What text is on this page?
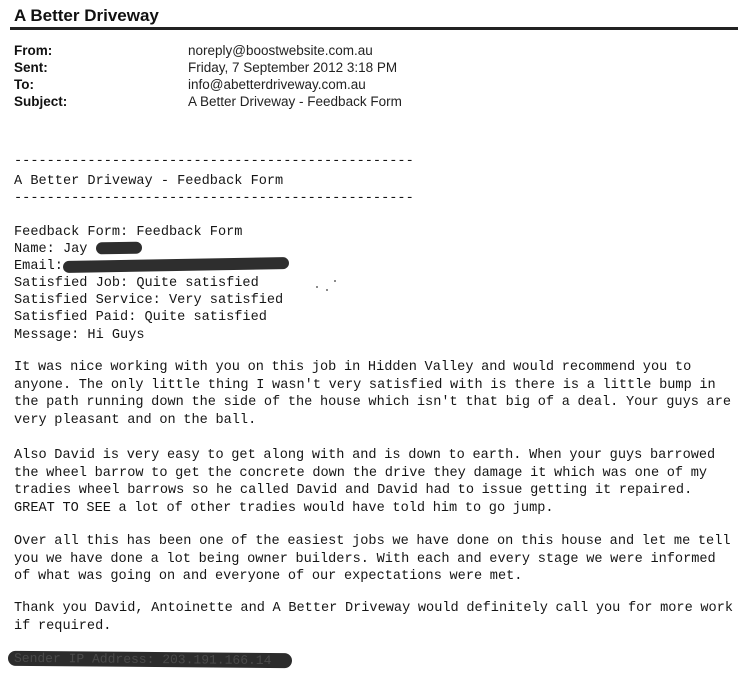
A Better Driveway
From:	noreply@boostwebsite.com.au
Sent:	Friday, 7 September 2012 3:18 PM
To:	info@abetterdriveway.com.au
Subject:	A Better Driveway - Feedback Form
-------------------------------------------------
A Better Driveway - Feedback Form
-------------------------------------------------
Feedback Form: Feedback Form
Name: Jay
Email:
Satisfied Job: Quite satisfied
Satisfied Service: Very satisfied
Satisfied Paid: Quite satisfied
Message: Hi Guys
It was nice working with you on this job in Hidden Valley and would recommend you to anyone. The only little thing I wasn't very satisfied with is there is a little bump in the path running down the side of the house which isn't that big of a deal. Your guys are very pleasant and on the ball.
Also David is very easy to get along with and is down to earth. When your guys barrowed the wheel barrow to get the concrete down the drive they damage it which was one of my tradies wheel barrows so he called David and David had to issue getting it repaired. GREAT TO SEE a lot of other tradies would have told him to go jump.
Over all this has been one of the easiest jobs we have done on this house and let me tell you we have done a lot being owner builders. With each and every stage we were informed of what was going on and everyone of our expectations were met.
Thank you David, Antoinette and A Better Driveway would definitely call you for more work if required.
Sender IP Address: 203.191.166.14
